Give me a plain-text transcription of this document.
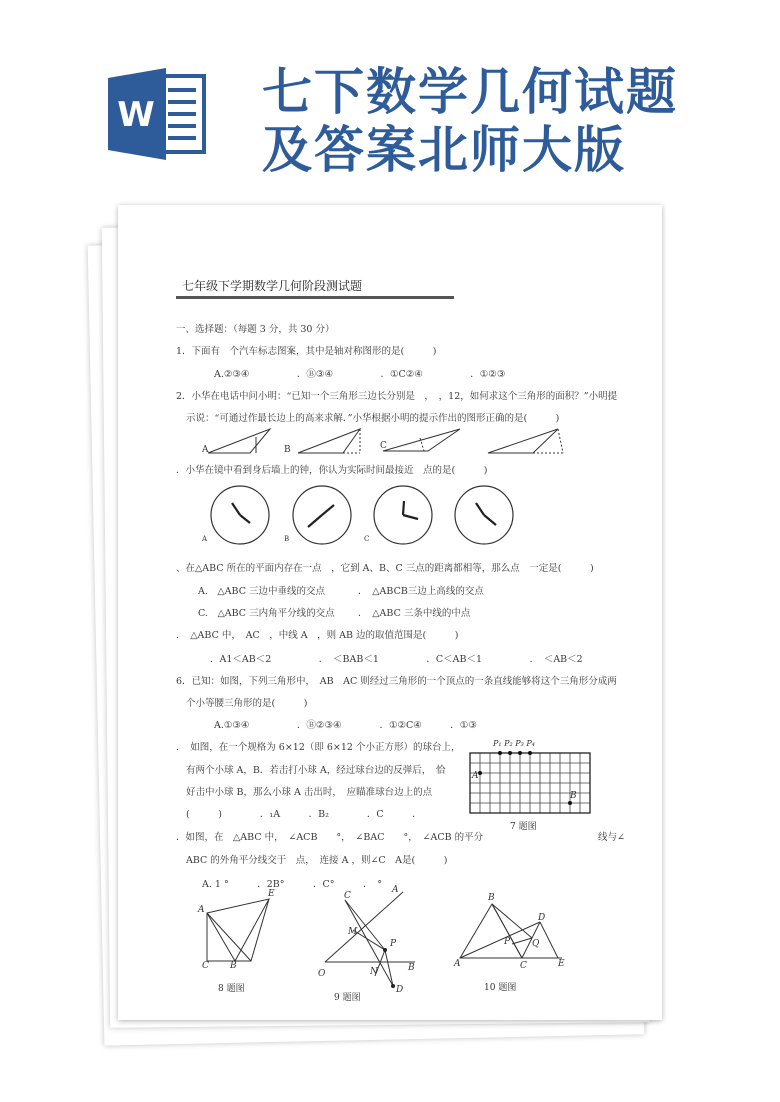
W 七下数学几何试题
及答案北师大版
七年级下学期数学几何阶段测试题
一、选择题：（每题 3 分，共 30 分）
1．下面有　个汽车标志图案，其中是轴对称图形的是(　　　)
A.②③④　　　　　．Ⓑ③④　　　　　．①C②④　　　　　．①②③
2．小华在电话中问小明：“已知一个三角形三边长分别是　，　，12，如何求这个三角形的面积？”小明提
示说：“可通过作最长边上的高来求解．”小华根据小明的提示作出的图形正确的是(　　　)
A	B	C
．小华在镜中看到身后墙上的钟，你认为实际时间最接近　点的是(　　　)
A	B	C
、在△ABC 所在的平面内存在一点　，它到 A、B、C 三点的距离都相等，那么点　一定是(　　　)
A.　△ABC 三边中垂线的交点	．　△ABCB三边上高线的交点
C.　△ABC 三内角平分线的交点 ．　△ABC 三条中线的中点
．　△ABC 中，　AC　，中线 A　，则 AB 边的取值范围是(　　　)
．A1＜AB＜2　　　　　．　＜BAB＜1　　　　　．C＜AB＜1　　　　　．　＜AB＜2
6．已知：如图，下列三角形中，　AB　AC 则经过三角形的一个顶点的一条直线能够将这个三角形分成两
个小等腰三角形的是(　　　)
A.①③④　　　　　．Ⓑ②③④　　　　．①②C④　　　．①③
．　如图，在一个规格为 6×12（即 6×12 个小正方形）的球台上，
有两个小球 A，B．若击打小球 A，经过球台边的反弹后，　恰
好击中小球 B，那么小球 A 击出时，　应瞄准球台边上的点
(　　　)　　　　．₁A　　　．B₂　　　　．C　　　．
P₁ P₂ P₃ P₄
A
B
7 题图
．如图，在　△ABC 中，　∠ACB　　°，　∠BAC　　°，　∠ACB 的平分	线与∠
ABC 的外角平分线交于　点，　连接 A ，则∠C　A是(　　　)
A. 1 °　　　．2B°　　　．C°　　　．　°
A
E
C B
8 题图
C
A
M
P
O	N	B
D
9 题图
B
D
P Q
A	C	E
10 题图
